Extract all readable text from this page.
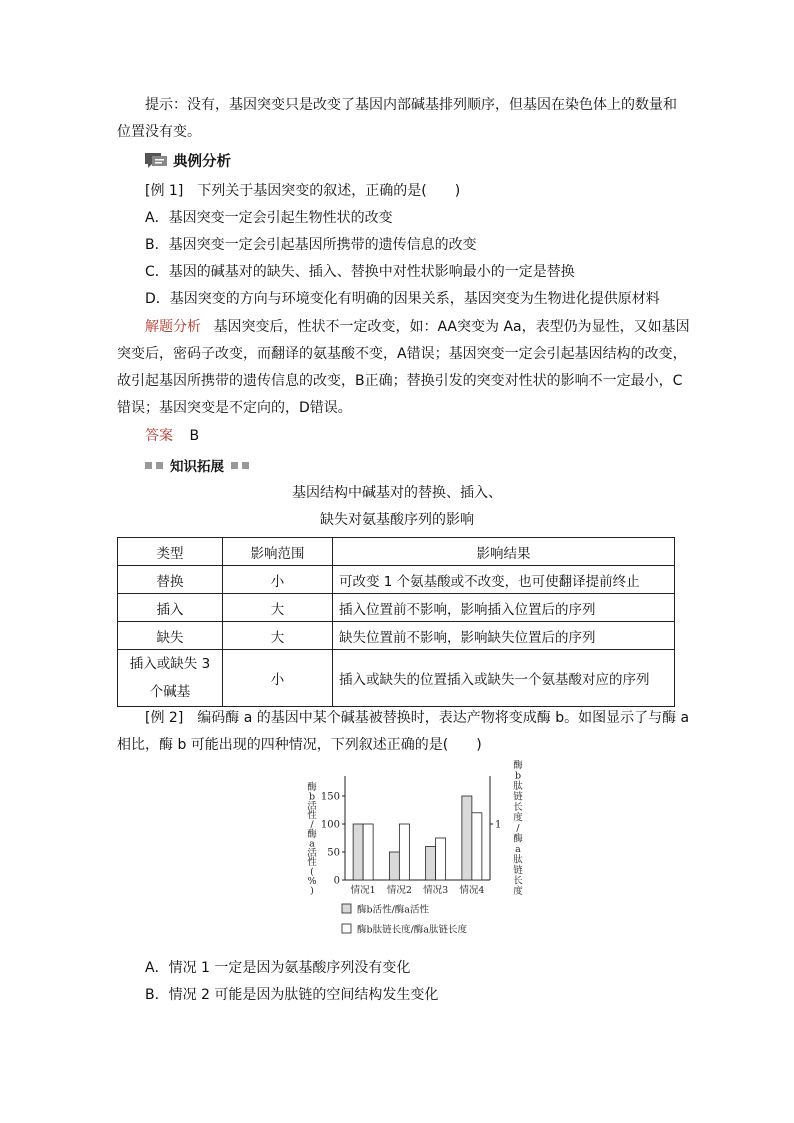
提示：没有，基因突变只是改变了基因内部碱基排列顺序，但基因在染色体上的数量和
位置没有变。
典例分析
[例 1]　下列关于基因突变的叙述，正确的是(　　)
A．基因突变一定会引起生物性状的改变
B．基因突变一定会引起基因所携带的遗传信息的改变
C．基因的碱基对的缺失、插入、替换中对性状影响最小的一定是替换
D．基因突变的方向与环境变化有明确的因果关系，基因突变为生物进化提供原材料
解题分析 基因突变后，性状不一定改变，如：AA突变为 Aa，表型仍为显性，又如基因
突变后，密码子改变，而翻译的氨基酸不变，A错误；基因突变一定会引起基因结构的改变，
故引起基因所携带的遗传信息的改变，B正确；替换引发的突变对性状的影响不一定最小，C
错误；基因突变是不定向的，D错误。
答案 B
知识拓展
基因结构中碱基对的替换、插入、
缺失对氨基酸序列的影响
类型	影响范围	影响结果
替换	小	可改变 1 个氨基酸或不改变，也可使翻译提前终止
插入	大	插入位置前不影响，影响插入位置后的序列
缺失	大	缺失位置前不影响，影响缺失位置后的序列
插入或缺失 3 个碱基	小	插入或缺失的位置插入或缺失一个氨基酸对应的序列
[例 2]　编码酶 a 的基因中某个碱基被替换时，表达产物将变成酶 b。如图显示了与酶 a
相比，酶 b 可能出现的四种情况，下列叙述正确的是(　　)
0
50
100
150
1
情况1 情况2 情况3 情况4
酶 b 活性/酶 a 活性( % )
酶 b 肽链长度/酶 a 肽链长度
酶b活性/酶a活性
酶b肽链长度/酶a肽链长度
A．情况 1 一定是因为氨基酸序列没有变化
B．情况 2 可能是因为肽链的空间结构发生变化
